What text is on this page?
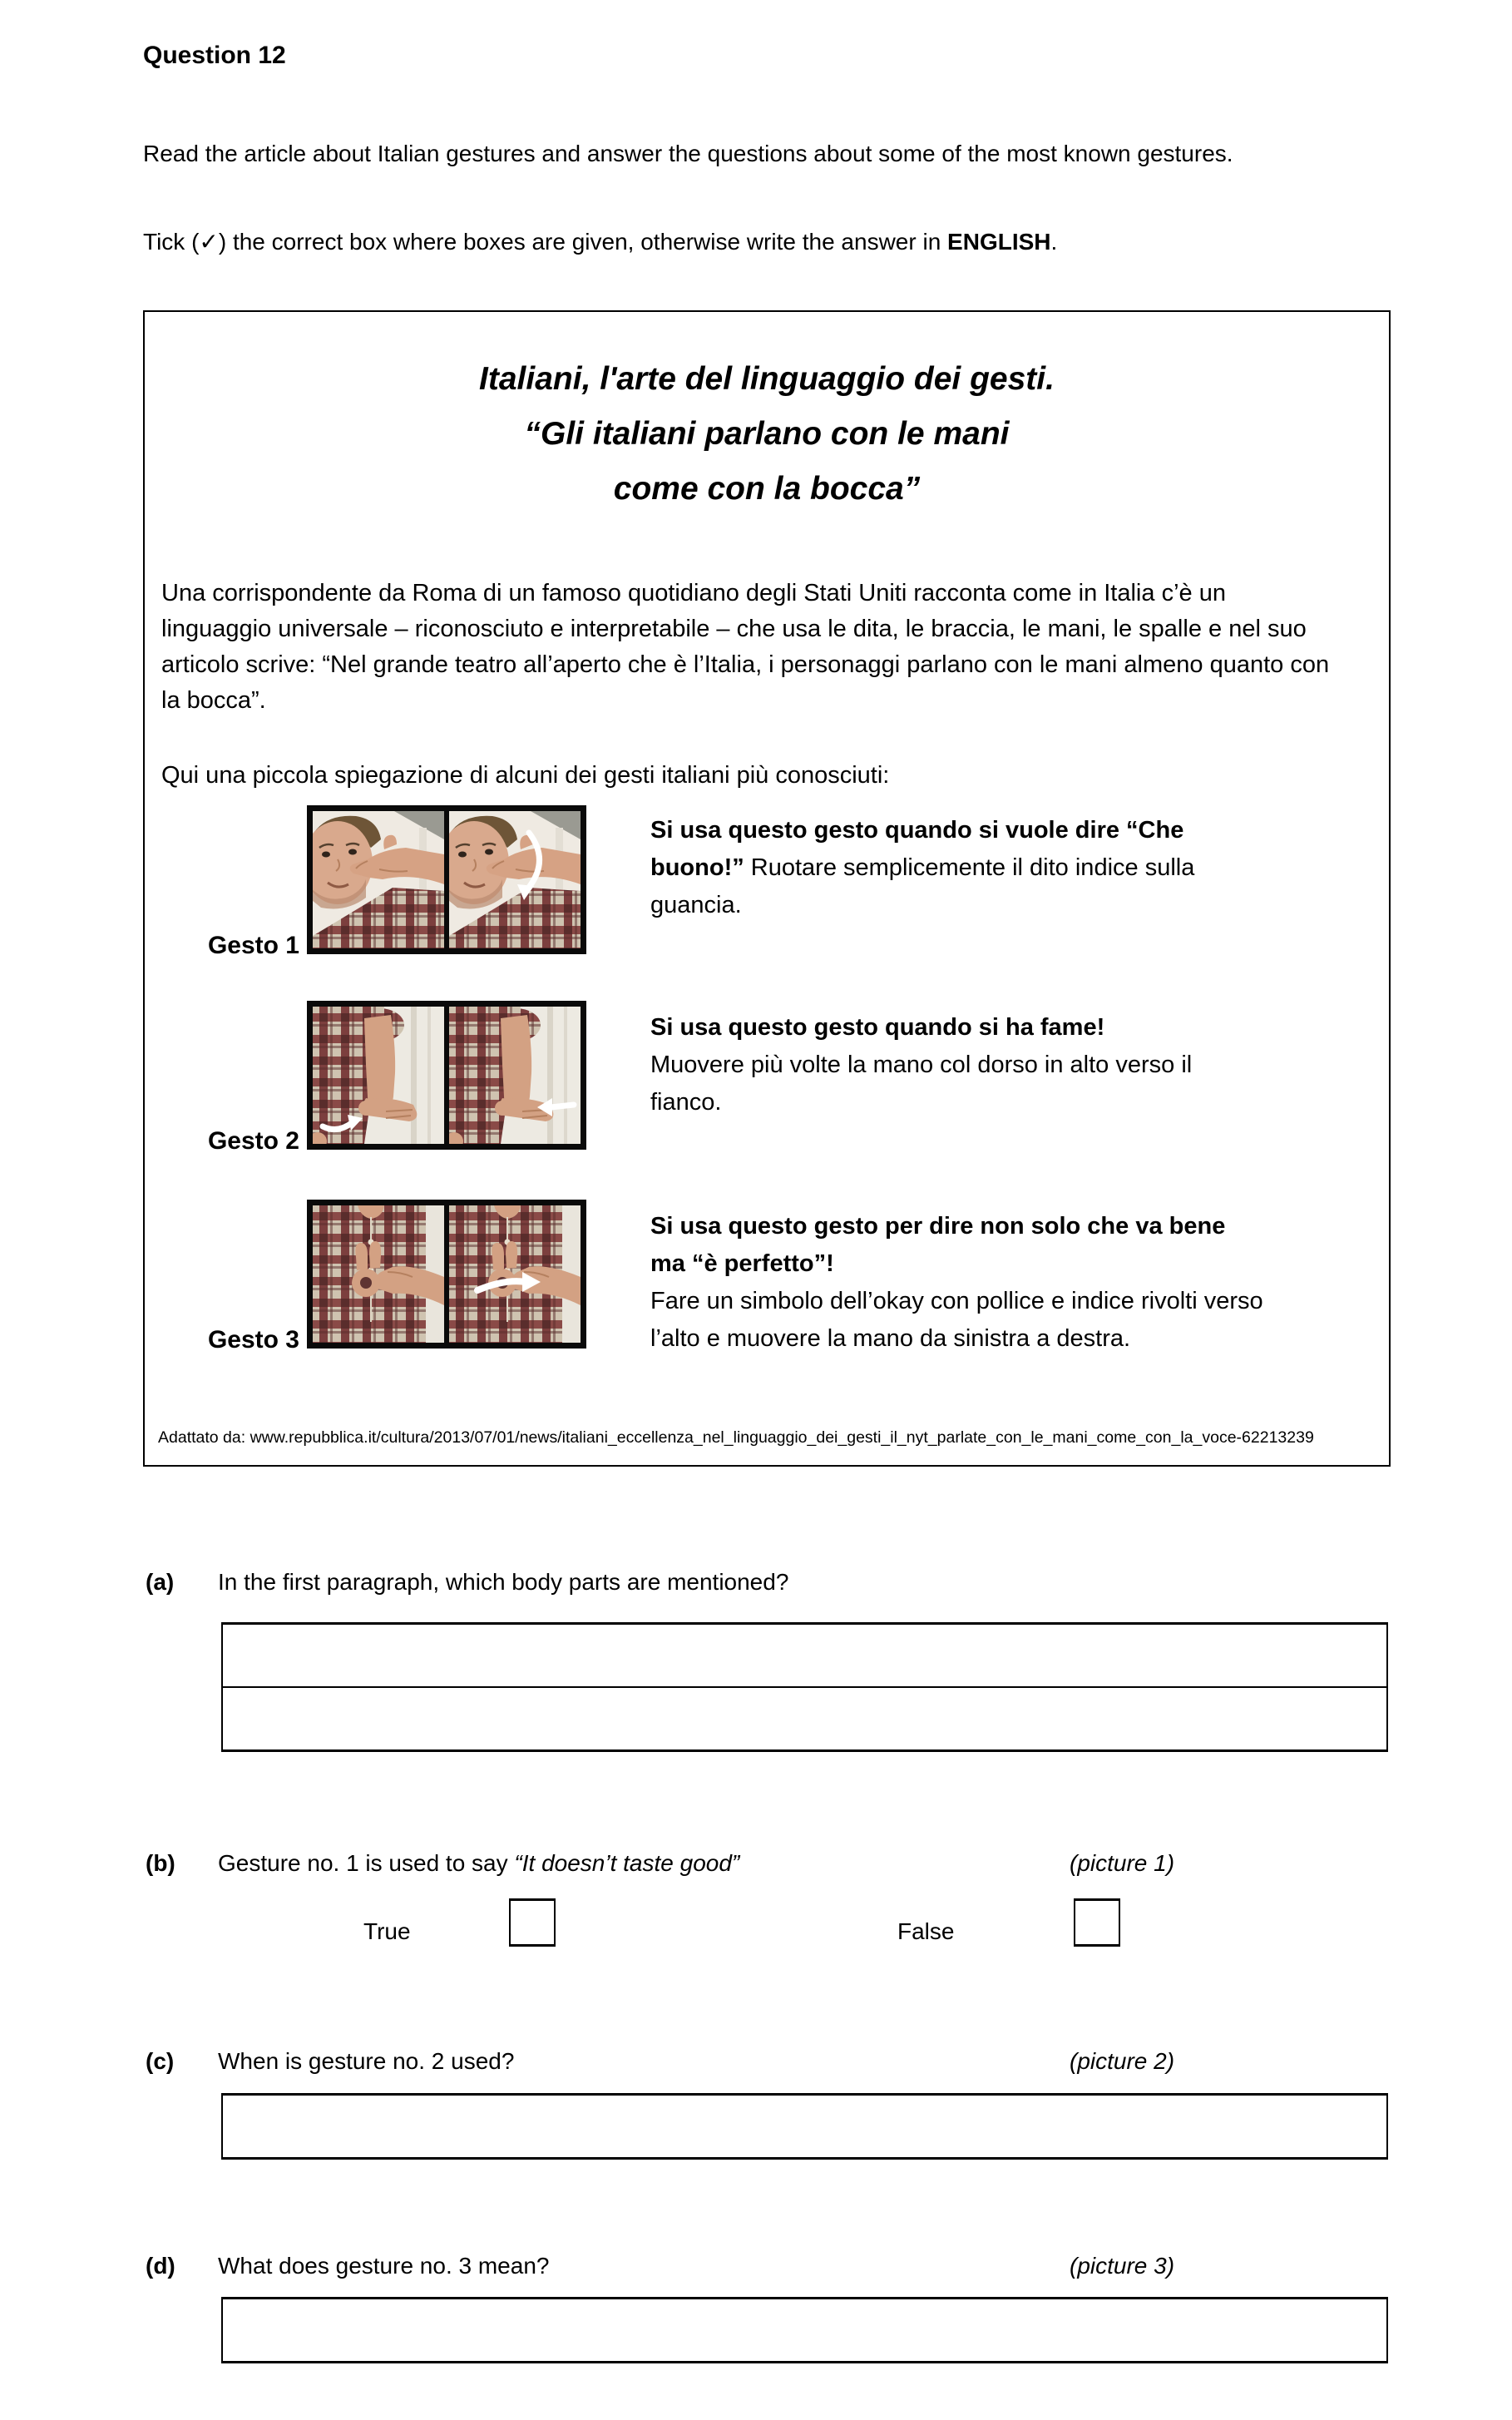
Question 12

Read the article about Italian gestures and answer the questions about some of the most known gestures.

Tick (✓) the correct box where boxes are given, otherwise write the answer in ENGLISH.

Italiani, l'arte del linguaggio dei gesti.
“Gli italiani parlano con le mani
come con la bocca”

Una corrispondente da Roma di un famoso quotidiano degli Stati Uniti racconta come in Italia c’è un linguaggio universale – riconosciuto e interpretabile – che usa le dita, le braccia, le mani, le spalle e nel suo articolo scrive: “Nel grande teatro all’aperto che è l’Italia, i personaggi parlano con le mani almeno quanto con la bocca”.

Qui una piccola spiegazione di alcuni dei gesti italiani più conosciuti:

Gesto 1
Si usa questo gesto quando si vuole dire “Che buono!” Ruotare semplicemente il dito indice sulla guancia.
Gesto 2
Si usa questo gesto quando si ha fame!
Muovere più volte la mano col dorso in alto verso il fianco.
Gesto 3
Si usa questo gesto per dire non solo che va bene ma “è perfetto”!
Fare un simbolo dell’okay con pollice e indice rivolti verso l’alto e muovere la mano da sinistra a destra.
Adattato da: www.repubblica.it/cultura/2013/07/01/news/italiani_eccellenza_nel_linguaggio_dei_gesti_il_nyt_parlate_con_le_mani_come_con_la_voce-62213239
(a) In the first paragraph, which body parts are mentioned?
(b) Gesture no. 1 is used to say “It doesn’t taste good”	(picture 1)
True	False
(c) When is gesture no. 2 used?	(picture 2)
(d) What does gesture no. 3 mean?	(picture 3)
